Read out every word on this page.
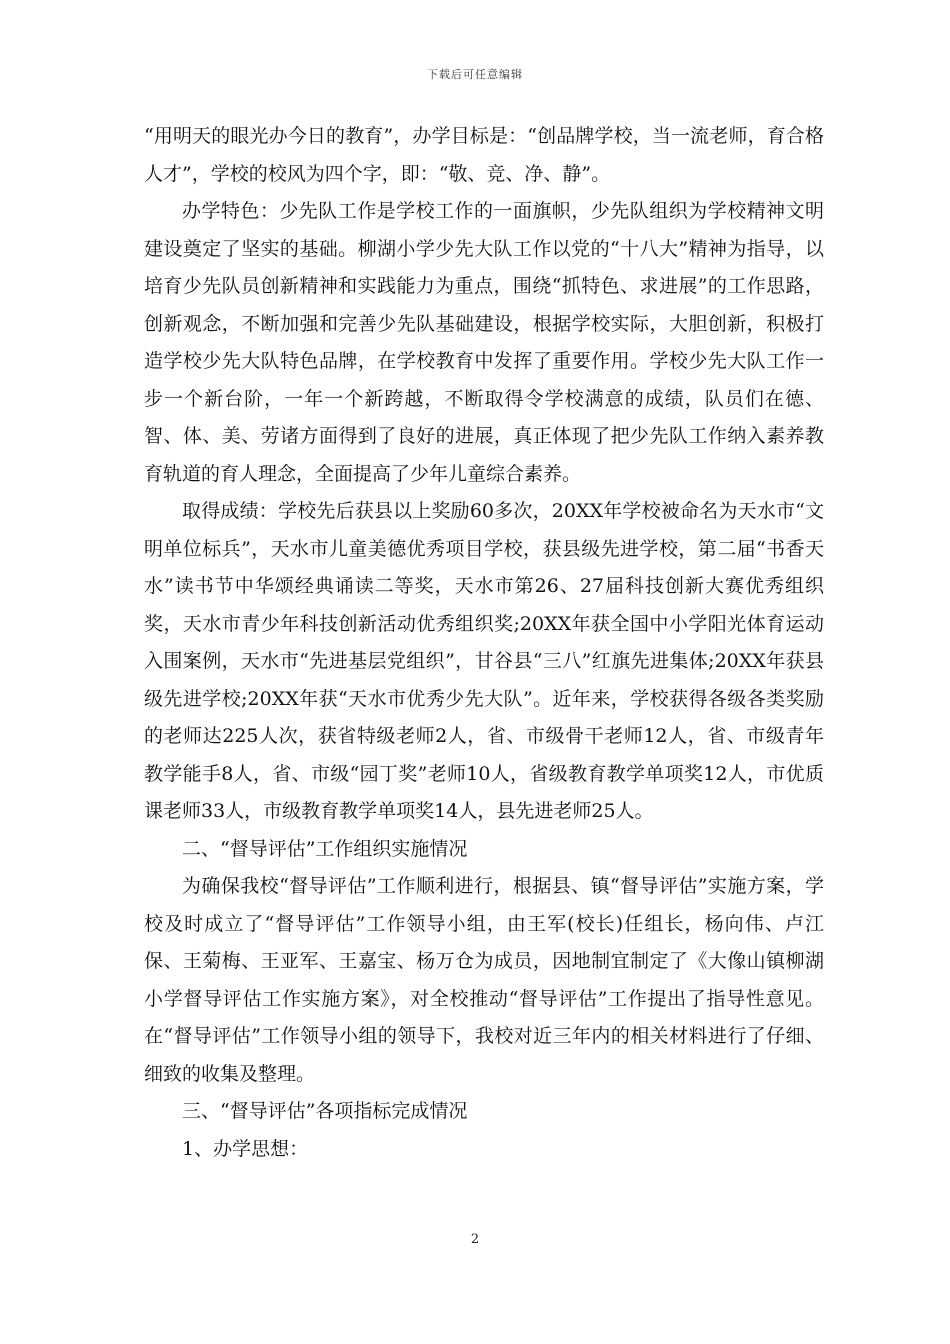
下载后可任意编辑

“用明天的眼光办今日的教育”，办学目标是：“创品牌学校，当一流老师，育合格人才”，学校的校风为四个字，即：“敬、竞、净、静”。

办学特色：少先队工作是学校工作的一面旗帜，少先队组织为学校精神文明建设奠定了坚实的基础。柳湖小学少先大队工作以党的“十八大”精神为指导，以培育少先队员创新精神和实践能力为重点，围绕“抓特色、求进展”的工作思路，创新观念，不断加强和完善少先队基础建设，根据学校实际，大胆创新，积极打造学校少先大队特色品牌，在学校教育中发挥了重要作用。学校少先大队工作一步一个新台阶，一年一个新跨越，不断取得令学校满意的成绩，队员们在德、智、体、美、劳诸方面得到了良好的进展，真正体现了把少先队工作纳入素养教育轨道的育人理念，全面提高了少年儿童综合素养。

取得成绩：学校先后获县以上奖励60多次，20XX年学校被命名为天水市“文明单位标兵”，天水市儿童美德优秀项目学校，获县级先进学校，第二届“书香天水”读书节中华颂经典诵读二等奖，天水市第26、27届科技创新大赛优秀组织奖，天水市青少年科技创新活动优秀组织奖;20XX年获全国中小学阳光体育运动入围案例，天水市“先进基层党组织”，甘谷县“三八”红旗先进集体;20XX年获县级先进学校;20XX年获“天水市优秀少先大队”。近年来，学校获得各级各类奖励的老师达225人次，获省特级老师2人，省、市级骨干老师12人，省、市级青年教学能手8人，省、市级“园丁奖”老师10人，省级教育教学单项奖12人，市优质课老师33人，市级教育教学单项奖14人，县先进老师25人。

二、“督导评估”工作组织实施情况

为确保我校“督导评估”工作顺利进行，根据县、镇“督导评估”实施方案，学校及时成立了“督导评估”工作领导小组，由王军(校长)任组长，杨向伟、卢江保、王菊梅、王亚军、王嘉宝、杨万仓为成员，因地制宜制定了《大像山镇柳湖小学督导评估工作实施方案》，对全校推动“督导评估”工作提出了指导性意见。在“督导评估”工作领导小组的领导下，我校对近三年内的相关材料进行了仔细、细致的收集及整理。

三、“督导评估”各项指标完成情况

1、办学思想：

2
